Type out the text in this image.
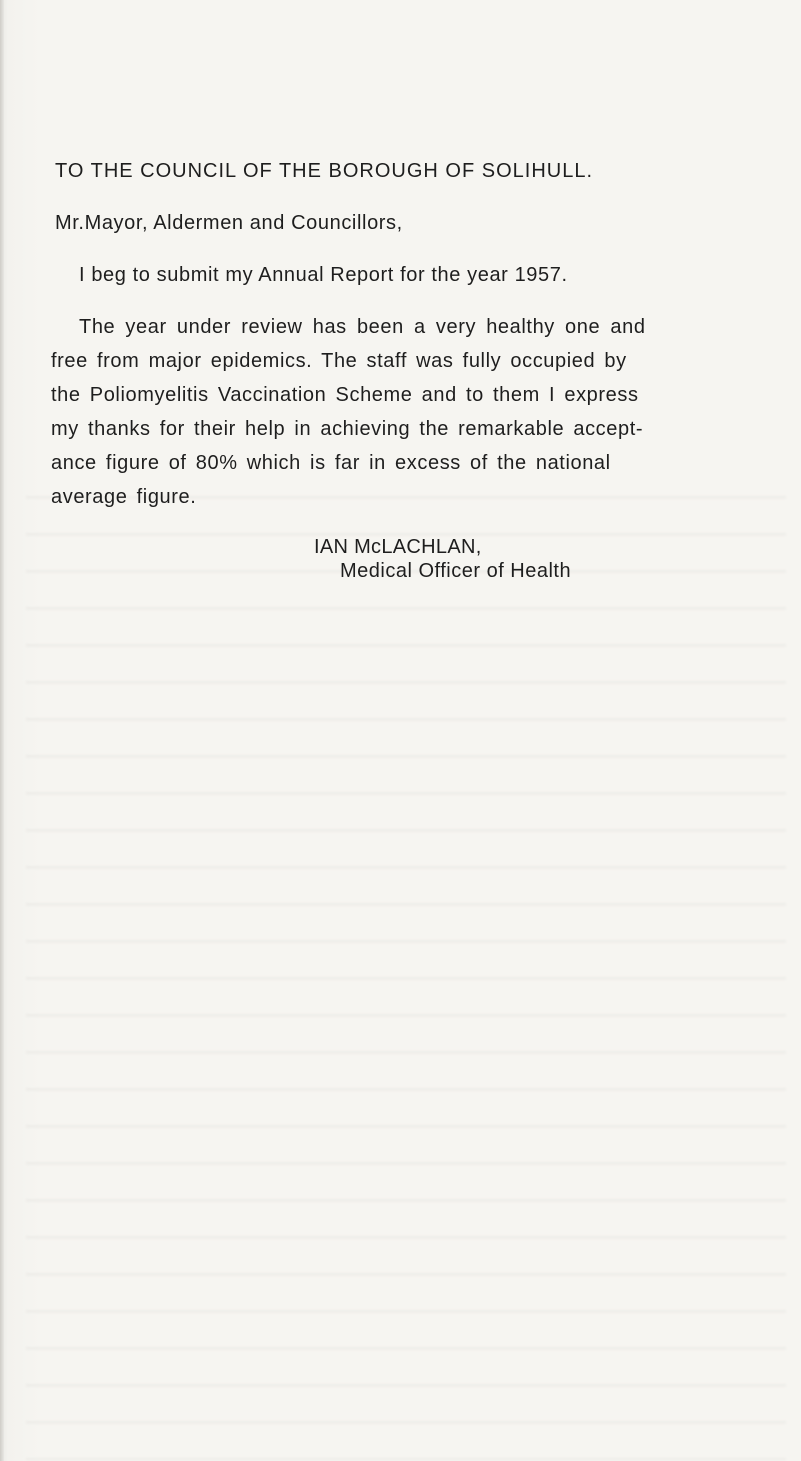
TO THE COUNCIL OF THE BOROUGH OF SOLIHULL.
Mr.Mayor, Aldermen and Councillors,
I beg to submit my Annual Report for the year 1957.
The year under review has been a very healthy one and
free from major epidemics. The staff was fully occupied by
the Poliomyelitis Vaccination Scheme and to them I express
my thanks for their help in achieving the remarkable accept-
ance figure of 80% which is far in excess of the national
average figure.
IAN McLACHLAN,
Medical Officer of Health
